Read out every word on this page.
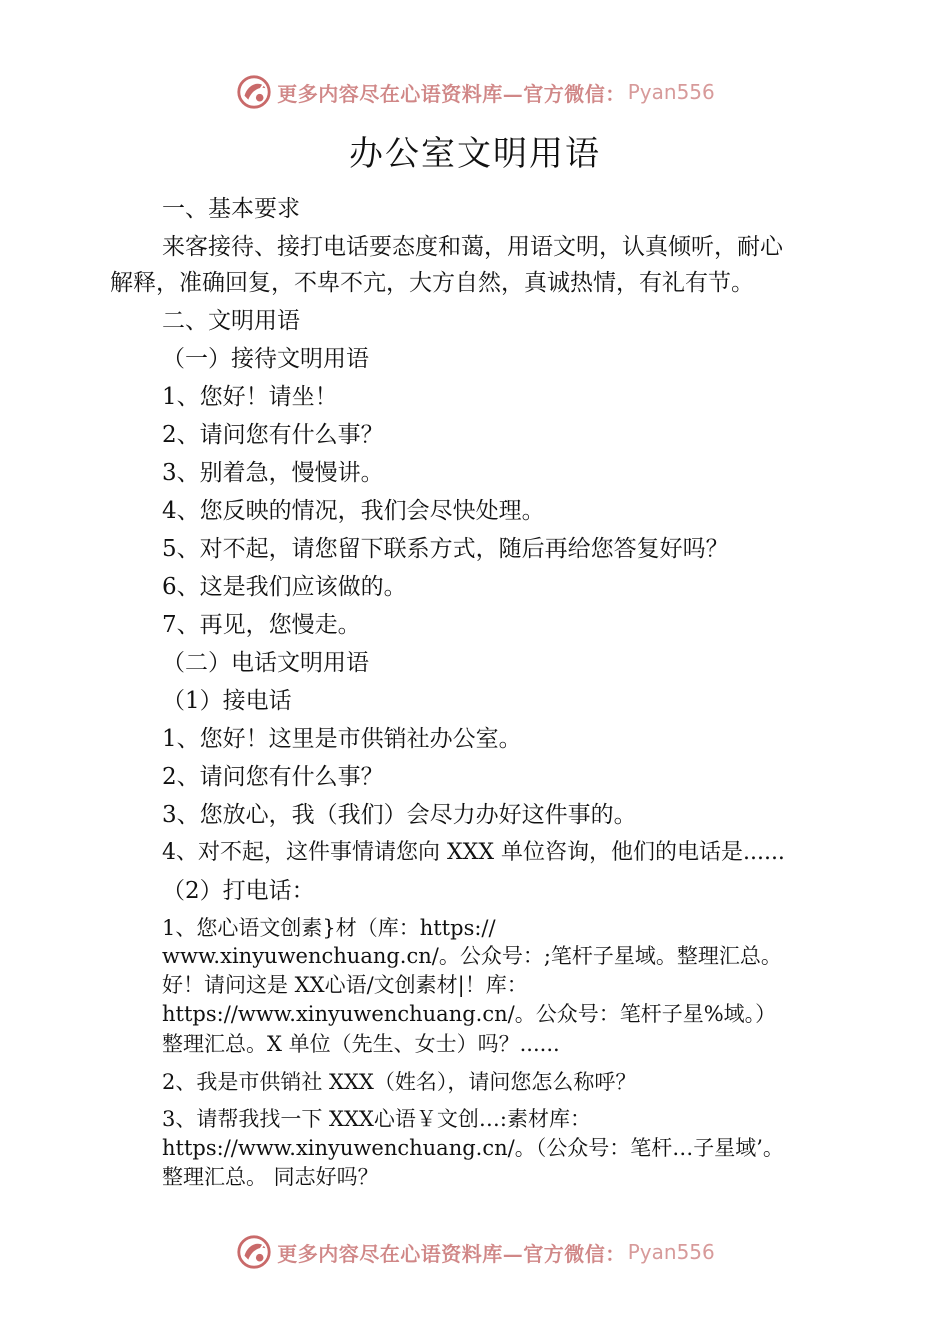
更多内容尽在心语资料库—官方微信： Pyan556
办公室文明用语
一、基本要求
来客接待、接打电话要态度和蔼，用语文明，认真倾听，耐心
解释，准确回复，不卑不亢，大方自然，真诚热情，有礼有节。
二、文明用语
（一）接待文明用语
1、您好！请坐！
2、请问您有什么事？
3、别着急，慢慢讲。
4、您反映的情况，我们会尽快处理。
5、对不起，请您留下联系方式，随后再给您答复好吗？
6、这是我们应该做的。
7、再见，您慢走。
（二）电话文明用语
（1）接电话
1、您好！这里是市供销社办公室。
2、请问您有什么事？
3、您放心，我（我们）会尽力办好这件事的。
4、对不起，这件事情请您向 XXX 单位咨询，他们的电话是......
（2）打电话：
1、您心语文创素}材（库：https://
www.xinyuwenchuang.cn/。公众号：;笔杆子星域。整理汇总。
好！请问这是 XX心语/文创素材|！库：
https://www.xinyuwenchuang.cn/。公众号：笔杆子星%域。）
整理汇总。X 单位（先生、女士）吗？......
2、我是市供销社 XXX（姓名），请问您怎么称呼？
3、请帮我找一下 XXX心语￥文创…:素材库：
https://www.xinyuwenchuang.cn/。（公众号：笔杆…子星域’。
整理汇总。 同志好吗？
更多内容尽在心语资料库—官方微信： Pyan556
